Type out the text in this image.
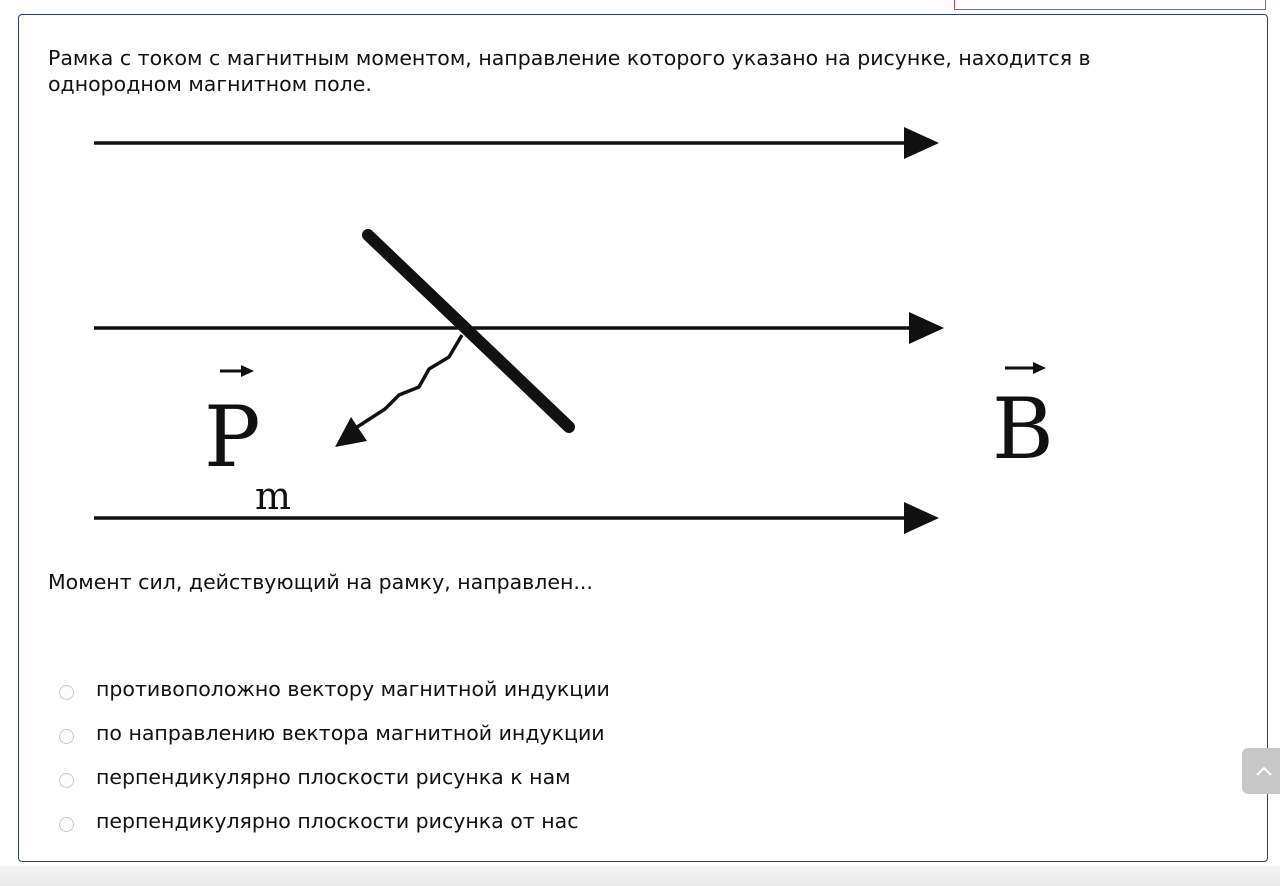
Рамка с током с магнитным моментом, направление которого указано на рисунке, находится в однородном магнитном поле.
P
m
B
Момент сил, действующий на рамку, направлен...
противоположно вектору магнитной индукции
по направлению вектора магнитной индукции
перпендикулярно плоскости рисунка к нам
перпендикулярно плоскости рисунка от нас
